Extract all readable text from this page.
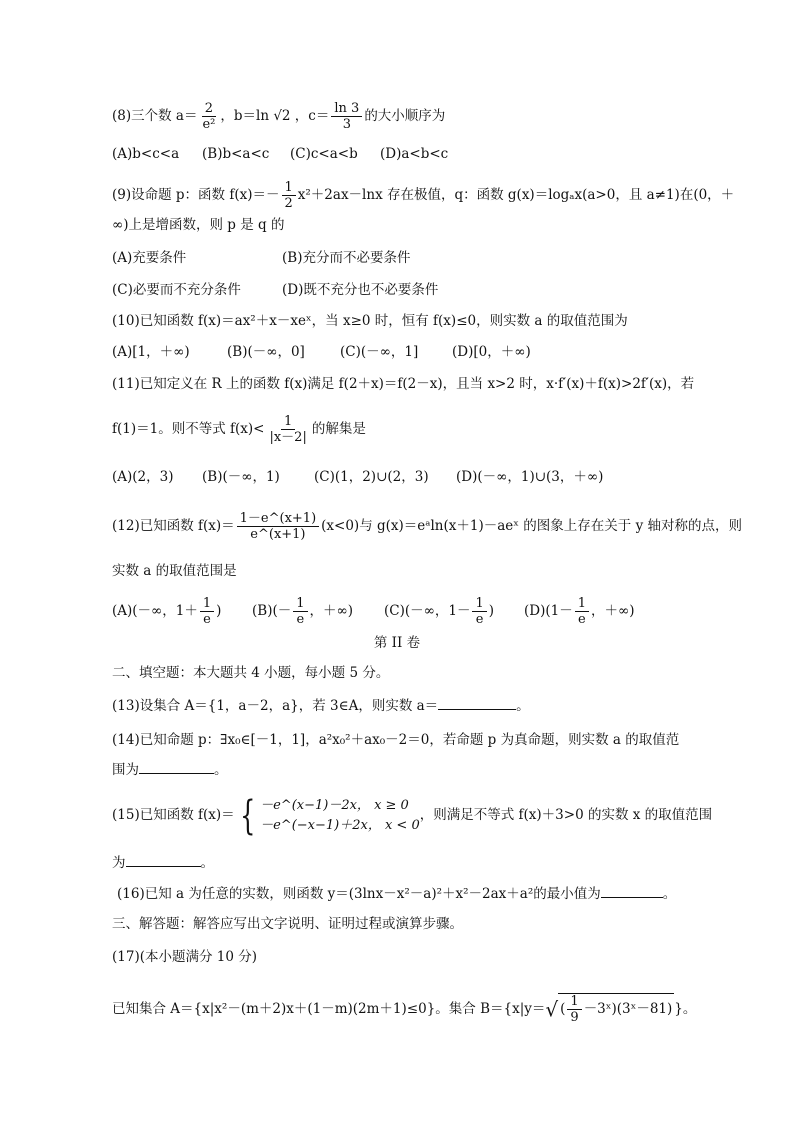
(8)三个数 $a= \frac{2}{\text{e²}}$ ，b＝ln √2 ，$c= \frac{\ln 3}{3}$ 的大小顺序为
(A)b<c<a (B)b<a<c (C)c<a<b (D)a<b<c
(9)设命题 p：函数 $f(x)=- \frac{1}{2} x^2+2ax-\ln x$ 存在极值，q：函数 g(x)＝logₐx(a>0，且 a≠1)在(0，＋
∞)上是增函数，则 p 是 q 的
(A)充要条件	(B)充分而不必要条件
(C)必要而不充分条件	(D)既不充分也不必要条件
(10)已知函数 f(x)＝ax²＋x－xeˣ，当 x≥0 时，恒有 f(x)≤0，则实数 a 的取值范围为
(A)[1，＋∞)	(B)(－∞，0]	(C)(－∞，1]	(D)[0，＋∞)
(11)已知定义在 R 上的函数 f(x)满足 f(2＋x)＝f(2－x)，且当 x>2 时，x·f′(x)＋f(x)>2f′(x)，若
f(1)＝1。则不等式 $f(x)< \frac{1}{|x-2|}$ 的解集是
(A)(2，3) (B)(－∞，1)	(C)(1，2)∪(2，3) (D)(－∞，1)∪(3，＋∞)
(12)已知函数 $f(x)= \frac{1-e\^{}(x+1)}{e\^{}(x+1)} (x<0)$与 g(x)＝eᵃln(x＋1)－aeˣ 的图象上存在关于 y 轴对称的点，则
实数 a 的取值范围是
(A)(－∞，$1+ \frac{1}{e}$ ) $(B)(- \frac{1}{e}$ ，＋∞) (C)(－∞，$1- \frac{1}{e}$ ) $(D)(1- \frac{1}{e}$ ，＋∞)
第 II 卷
二、填空题：本大题共 4 小题，每小题 5 分。
(13)设集合 A＝{1，a－2，a}，若 3∈A，则实数 a＝	。
(14)已知命题 p：∃x₀∈[－1，1]，a²x₀²＋ax₀－2＝0，若命题 p 为真命题，则实数 a 的取值范
围为	。
(15)已知函数 f(x)＝ { －e^(x−1)－2x， x ≥ 0
－e^(−x−1)＋2x， x < 0
，则满足不等式 f(x)＋3>0 的实数 x 的取值范围
为	。
(16)已知 a 为任意的实数，则函数 y＝(3lnx－x²－a)²＋x²－2ax＋a²的最小值为	。
三、解答题：解答应写出文字说明、证明过程或演算步骤。
(17)(本小题满分 10 分)
已知集合 A＝{x|x²－(m＋2)x＋(1－m)(2m＋1)≤0}。集合 B＝{x|y＝√ ( $\frac{1}{9}$ －3ˣ)(3ˣ－81) }。
